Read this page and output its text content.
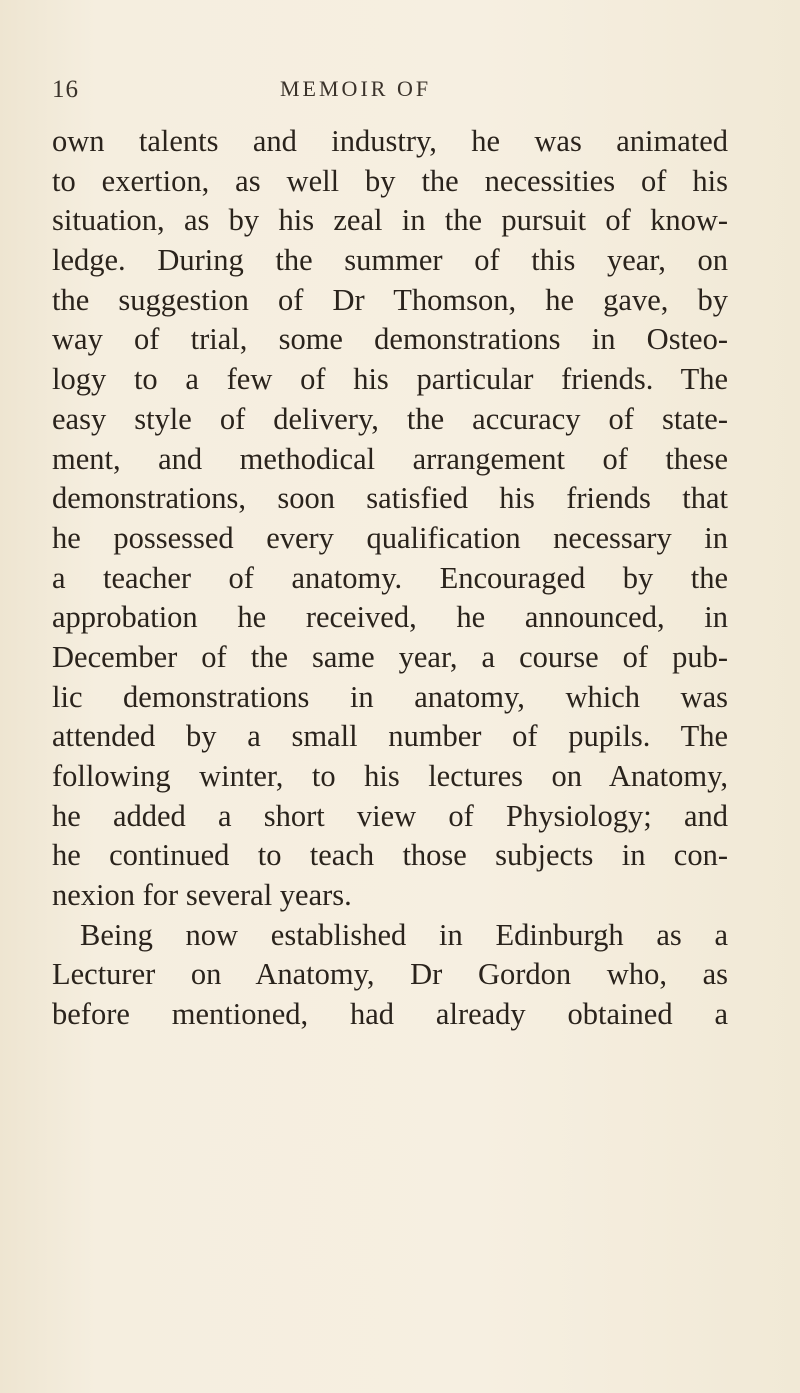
16	MEMOIR OF
own talents and industry, he was animated
to exertion, as well by the necessities of his
situation, as by his zeal in the pursuit of know-
ledge. During the summer of this year, on
the suggestion of Dr Thomson, he gave, by
way of trial, some demonstrations in Osteo-
logy to a few of his particular friends. The
easy style of delivery, the accuracy of state-
ment, and methodical arrangement of these
demonstrations, soon satisfied his friends that
he possessed every qualification necessary in
a teacher of anatomy. Encouraged by the
approbation he received, he announced, in
December of the same year, a course of pub-
lic demonstrations in anatomy, which was
attended by a small number of pupils. The
following winter, to his lectures on Anatomy,
he added a short view of Physiology; and
he continued to teach those subjects in con-
nexion for several years.
Being now established in Edinburgh as a
Lecturer on Anatomy, Dr Gordon who, as
before mentioned, had already obtained a
